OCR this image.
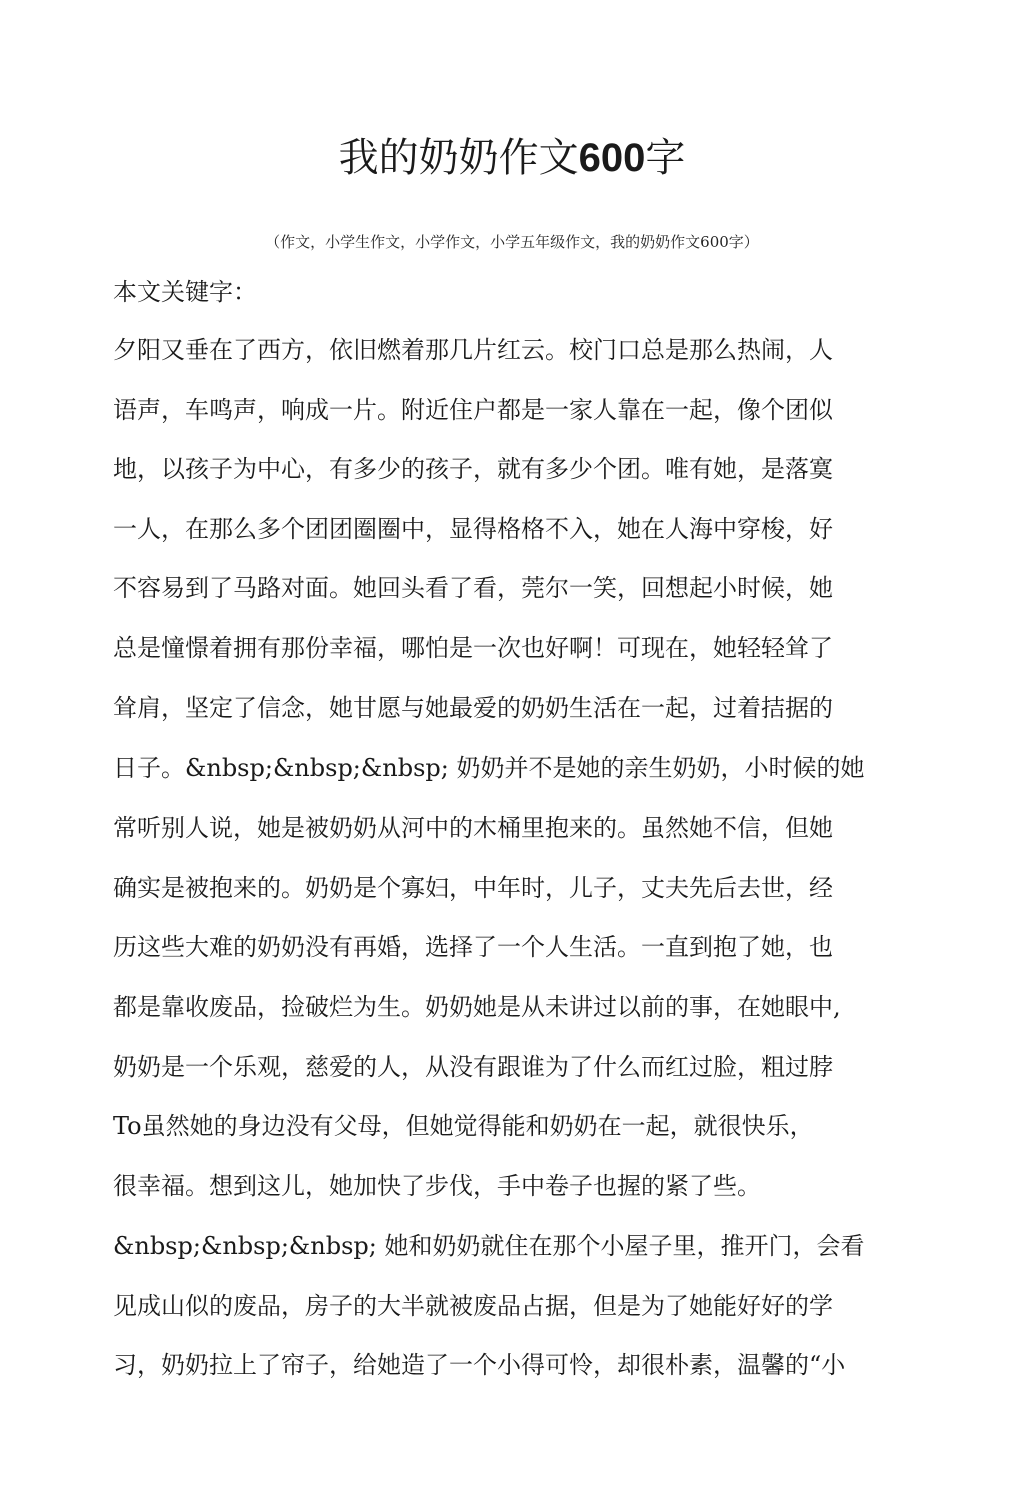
我的奶奶作文600字
（作文，小学生作文，小学作文，小学五年级作文，我的奶奶作文600字）
本文关键字：
夕阳又垂在了西方，依旧燃着那几片红云。校门口总是那么热闹，人
语声，车鸣声，响成一片。附近住户都是一家人靠在一起，像个团似
地，以孩子为中心，有多少的孩子，就有多少个团。唯有她，是落寞
一人，在那么多个团团圈圈中，显得格格不入，她在人海中穿梭，好
不容易到了马路对面。她回头看了看，莞尔一笑，回想起小时候，她
总是憧憬着拥有那份幸福，哪怕是一次也好啊！可现在，她轻轻耸了
耸肩，坚定了信念，她甘愿与她最爱的奶奶生活在一起，过着拮据的
日子。&nbsp;&nbsp;&nbsp; 奶奶并不是她的亲生奶奶，小时候的她
常听别人说，她是被奶奶从河中的木桶里抱来的。虽然她不信，但她
确实是被抱来的。奶奶是个寡妇，中年时，儿子，丈夫先后去世，经
历这些大难的奶奶没有再婚，选择了一个人生活。一直到抱了她，也
都是靠收废品，捡破烂为生。奶奶她是从未讲过以前的事，在她眼中,
奶奶是一个乐观，慈爱的人，从没有跟谁为了什么而红过脸，粗过脖
To虽然她的身边没有父母，但她觉得能和奶奶在一起，就很快乐，
很幸福。想到这儿，她加快了步伐，手中卷子也握的紧了些。
&nbsp;&nbsp;&nbsp; 她和奶奶就住在那个小屋子里，推开门，会看
见成山似的废品，房子的大半就被废品占据，但是为了她能好好的学
习，奶奶拉上了帘子，给她造了一个小得可怜，却很朴素，温馨的“小
